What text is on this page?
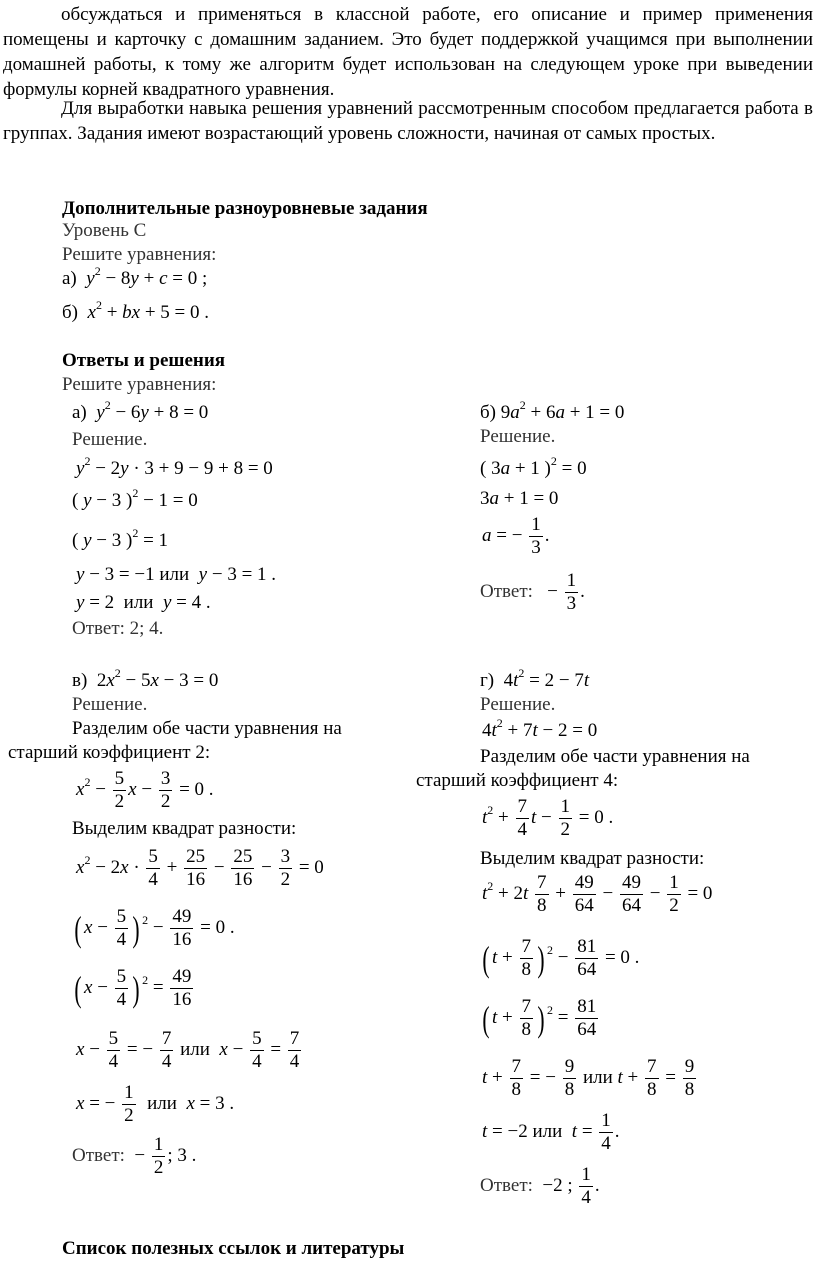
обсуждаться и применяться в классной работе, его описание и пример применения помещены и карточку с домашним заданием. Это будет поддержкой учащимся при выполнении домашней работы, к тому же алгоритм будет использован на следующем уроке при выведении формулы корней квадратного уравнения.
Для выработки навыка решения уравнений рассмотренным способом предлагается работа в группах. Задания имеют возрастающий уровень сложности, начиная от самых простых.
Дополнительные разноуровневые задания
Уровень С
Решите уравнения:
а) $y^2 - 8y + c = 0$ ;
б) $x^2$ + bx + 5 = 0 .
Ответы и решения
Решите уравнения:
а) $y^2 - 6y + 8 = 0$
Решение.
$y^2 - 2y \cdot 3 + 9 - 9 + 8 = 0$
( y − 3 )$^2$ − 1 = 0
( y − 3 )$^2$ = 1
y − 3 = −1 или y − 3 = 1 .
y = 2  или y = 4 .
Ответ: 2; 4.
б) $9a^2 + 6a + 1 = 0$
Решение.
( 3a + 1 )$^2$ = 0
3a + 1 = 0
a = − $\frac{1}{3}$ .
Ответ: − $\frac{1}{3}$ .
в)  $2x^2 - 5x - 3 = 0$
Решение.
Разделим обе части уравнения на
старший коэффициент 2:
$x^2 - \frac{5}{2}$ $x - \frac{3}{2} = 0$ .
Выделим квадрат разности:
$x^2 - 2x \cdot \frac{5}{4} + \frac{25}{16} - \frac{25}{16} - \frac{3}{2} = 0$
( $x - \frac{5}{4}$ ) $^2 - \frac{49}{16} = 0$ .
( $x - \frac{5}{4}$ ) $^2 = \frac{49}{16}$
$x - \frac{5}{4}$ = − $\frac{7}{4}$ или $x - \frac{5}{4} = \frac{7}{4}$
x = − $\frac{1}{2}$ или x = 3 .
Ответ: − $\frac{1}{2}$ ; 3 .
г)  $4t^2 = 2 - 7t$
Решение.
$4t^2 + 7t - 2 = 0$
Разделим обе части уравнения на
старший коэффициент 4:
$t^2 + \frac{7}{4}$ $t - \frac{1}{2} = 0$ .
Выделим квадрат разности:
$t^2 + 2t \frac{7}{8} + \frac{49}{64} - \frac{49}{64} - \frac{1}{2} = 0$
( $t + \frac{7}{8}$ ) $^2 - \frac{81}{64} = 0$ .
( $t + \frac{7}{8}$ ) $^2 = \frac{81}{64}$
$t + \frac{7}{8}$ = − $\frac{9}{8}$ или $t + \frac{7}{8} = \frac{9}{8}$
t = −2 или $t = \frac{1}{4}$ .
Ответ: −2 ; $\frac{1}{4}$ .
Список полезных ссылок и литературы
